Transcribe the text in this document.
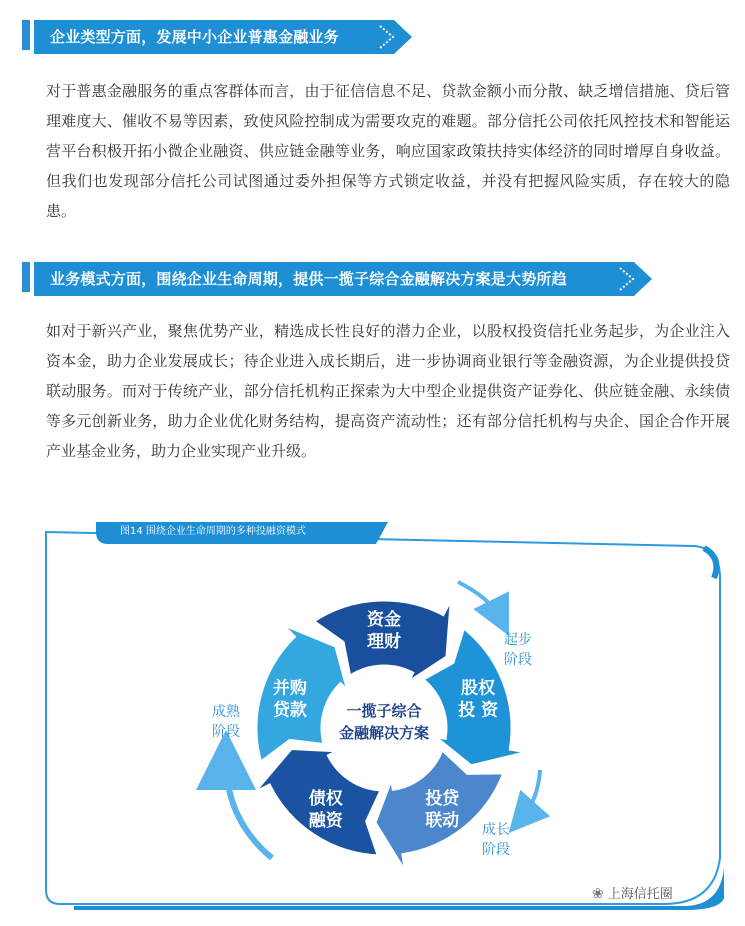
企业类型方面，发展中小企业普惠金融业务

对于普惠金融服务的重点客群体而言，由于征信信息不足、贷款金额小而分散、缺乏增信措施、贷后管理难度大、催收不易等因素，致使风险控制成为需要攻克的难题。部分信托公司依托风控技术和智能运营平台积极开拓小微企业融资、供应链金融等业务，响应国家政策扶持实体经济的同时增厚自身收益。但我们也发现部分信托公司试图通过委外担保等方式锁定收益，并没有把握风险实质，存在较大的隐患。

业务模式方面，围绕企业生命周期，提供一揽子综合金融解决方案是大势所趋

如对于新兴产业，聚焦优势产业，精选成长性良好的潜力企业，以股权投资信托业务起步，为企业注入资本金，助力企业发展成长；待企业进入成长期后，进一步协调商业银行等金融资源，为企业提供投贷联动服务。而对于传统产业，部分信托机构正探索为大中型企业提供资产证券化、供应链金融、永续债等多元创新业务，助力企业优化财务结构，提高资产流动性；还有部分信托机构与央企、国企合作开展产业基金业务，助力企业实现产业升级。

图14 围绕企业生命周期的多种投融资模式
资金
理财
股权
投 资
投贷
联动
债权
融资
并购
贷款	一揽子综合
金融解决方案
起步
阶段
成长
阶段
成熟
阶段
❀ 上海信托圈
